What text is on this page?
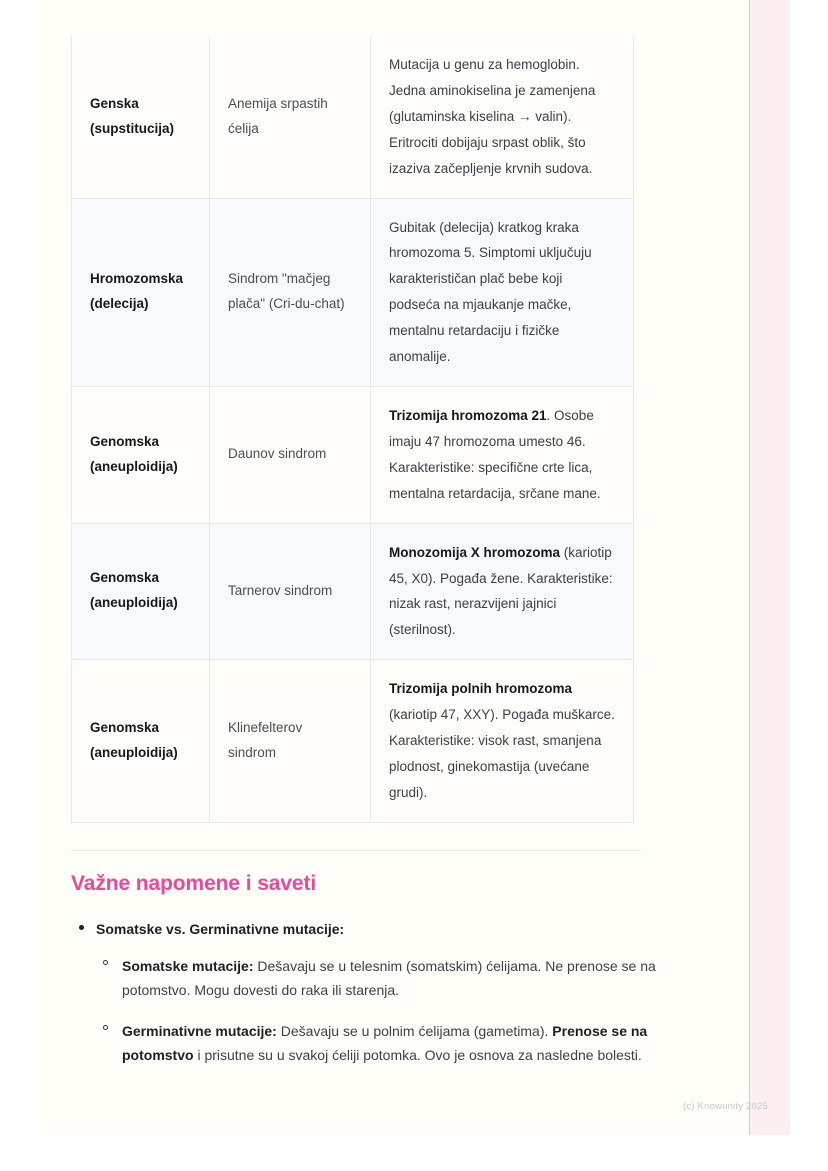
Genska (supstitucija)	Anemija srpastih ćelija	Mutacija u genu za hemoglobin. Jedna aminokiselina je zamenjena (glutaminska kiselina → valin). Eritrociti dobijaju srpast oblik, što izaziva začepljenje krvnih sudova.
Hromozomska (delecija)	Sindrom "mačjeg plača" (Cri-du-chat)	Gubitak (delecija) kratkog kraka hromozoma 5. Simptomi uključuju karakterističan plač bebe koji podseća na mjaukanje mačke, mentalnu retardaciju i fizičke anomalije.
Genomska (aneuploidija)	Daunov sindrom	Trizomija hromozoma 21. Osobe imaju 47 hromozoma umesto 46. Karakteristike: specifične crte lica, mentalna retardacija, srčane mane.
Genomska (aneuploidija)	Tarnerov sindrom	Monozomija X hromozoma (kariotip 45, X0). Pogađa žene. Karakteristike: nizak rast, nerazvijeni jajnici (sterilnost).
Genomska (aneuploidija)	Klinefelterov sindrom	Trizomija polnih hromozoma (kariotip 47, XXY). Pogađa muškarce. Karakteristike: visok rast, smanjena plodnost, ginekomastija (uvećane grudi).
Važne napomene i saveti
Somatske vs. Germinativne mutacije:
Somatske mutacije: Dešavaju se u telesnim (somatskim) ćelijama. Ne prenose se na potomstvo. Mogu dovesti do raka ili starenja.
Germinativne mutacije: Dešavaju se u polnim ćelijama (gametima). Prenose se na potomstvo i prisutne su u svakoj ćeliji potomka. Ovo je osnova za nasledne bolesti.
(c) Knowunity 2025
